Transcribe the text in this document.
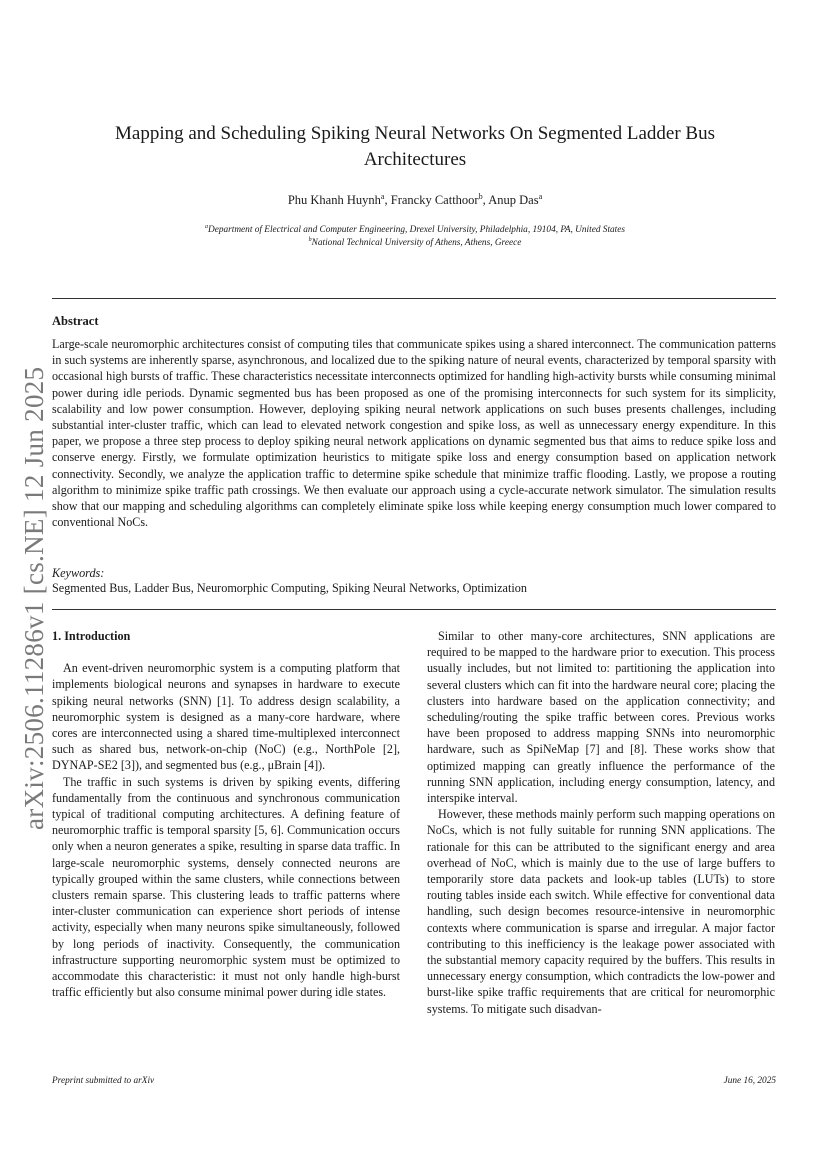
arXiv:2506.11286v1 [cs.NE] 12 Jun 2025
Mapping and Scheduling Spiking Neural Networks On Segmented Ladder Bus Architectures
Phu Khanh Huynh$^a$, Francky Catthoor$^b$, Anup Das$^a$
$^a$Department of Electrical and Computer Engineering, Drexel University, Philadelphia, 19104, PA, United States
$^b$National Technical University of Athens, Athens, Greece
Abstract

Large-scale neuromorphic architectures consist of computing tiles that communicate spikes using a shared interconnect. The communication patterns in such systems are inherently sparse, asynchronous, and localized due to the spiking nature of neural events, characterized by temporal sparsity with occasional high bursts of traffic. These characteristics necessitate interconnects optimized for handling high-activity bursts while consuming minimal power during idle periods. Dynamic segmented bus has been proposed as one of the promising interconnects for such system for its simplicity, scalability and low power consumption. However, deploying spiking neural network applications on such buses presents challenges, including substantial inter-cluster traffic, which can lead to elevated network congestion and spike loss, as well as unnecessary energy expenditure. In this paper, we propose a three step process to deploy spiking neural network applications on dynamic segmented bus that aims to reduce spike loss and conserve energy. Firstly, we formulate optimization heuristics to mitigate spike loss and energy consumption based on application network connectivity. Secondly, we analyze the application traffic to determine spike schedule that minimize traffic flooding. Lastly, we propose a routing algorithm to minimize spike traffic path crossings. We then evaluate our approach using a cycle-accurate network simulator. The simulation results show that our mapping and scheduling algorithms can completely eliminate spike loss while keeping energy consumption much lower compared to conventional NoCs.

Keywords:
Segmented Bus, Ladder Bus, Neuromorphic Computing, Spiking Neural Networks, Optimization
1. Introduction

An event-driven neuromorphic system is a computing platform that implements biological neurons and synapses in hardware to execute spiking neural networks (SNN) [1]. To address design scalability, a neuromorphic system is designed as a many-core hardware, where cores are interconnected using a shared time-multiplexed interconnect such as shared bus, network-on-chip (NoC) (e.g., NorthPole [2], DYNAP-SE2 [3]), and segmented bus (e.g., μBrain [4]).

The traffic in such systems is driven by spiking events, differing fundamentally from the continuous and synchronous communication typical of traditional computing architectures. A defining feature of neuromorphic traffic is temporal sparsity [5, 6]. Communication occurs only when a neuron generates a spike, resulting in sparse data traffic. In large-scale neuromorphic systems, densely connected neurons are typically grouped within the same clusters, while connections between clusters remain sparse. This clustering leads to traffic patterns where inter-cluster communication can experience short periods of intense activity, especially when many neurons spike simultaneously, followed by long periods of inactivity. Consequently, the communication infrastructure supporting neuromorphic system must be optimized to accommodate this characteristic: it must not only handle high-burst traffic efficiently but also consume minimal power during idle states.

Similar to other many-core architectures, SNN applications are required to be mapped to the hardware prior to execution. This process usually includes, but not limited to: partitioning the application into several clusters which can fit into the hardware neural core; placing the clusters into hardware based on the application connectivity; and scheduling/routing the spike traffic between cores. Previous works have been proposed to address mapping SNNs into neuromorphic hardware, such as SpiNeMap [7] and [8]. These works show that optimized mapping can greatly influence the performance of the running SNN application, including energy consumption, latency, and interspike interval.

However, these methods mainly perform such mapping operations on NoCs, which is not fully suitable for running SNN applications. The rationale for this can be attributed to the significant energy and area overhead of NoC, which is mainly due to the use of large buffers to temporarily store data packets and look-up tables (LUTs) to store routing tables inside each switch. While effective for conventional data handling, such design becomes resource-intensive in neuromorphic contexts where communication is sparse and irregular. A major factor contributing to this inefficiency is the leakage power associated with the substantial memory capacity required by the buffers. This results in unnecessary energy consumption, which contradicts the low-power and burst-like spike traffic requirements that are critical for neuromorphic systems. To mitigate such disadvan-

Preprint submitted to arXiv	June 16, 2025
